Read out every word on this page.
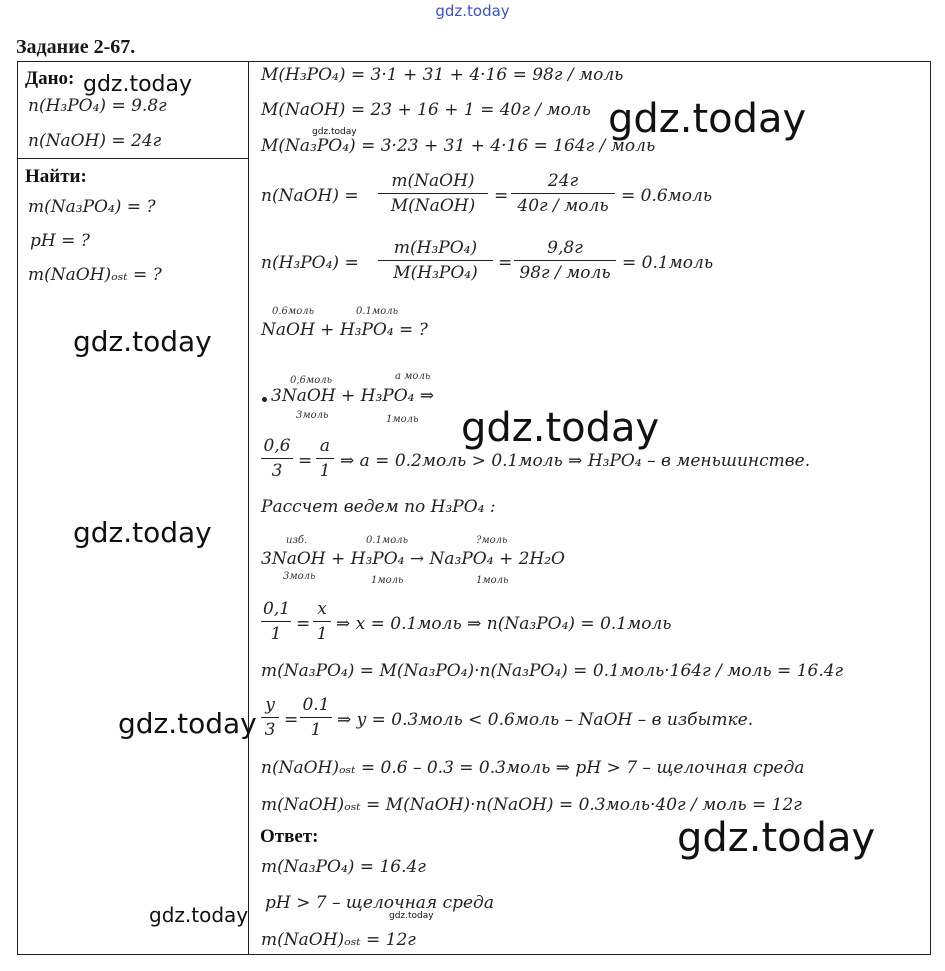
gdz.today
Задание 2-67.
Дано:
n(H₃PO₄) = 9.8г
n(NaOH) = 24г
Найти:
m(Na₃PO₄) = ?
pH = ?
m(NaOH)ₒₛₜ = ?
M(H₃PO₄) = 3·1 + 31 + 4·16 = 98г / моль
M(NaOH) = 23 + 16 + 1 = 40г / моль
M(Na₃PO₄) = 3·23 + 31 + 4·16 = 164г / моль
n(NaOH) =
m(NaOH)
M(NaOH)	=
24г
40г / моль = 0.6моль
n(H₃PO₄) =
m(H₃PO₄)
M(H₃PO₄)	=
9,8г
98г / моль = 0.1моль
0.6моль	0.1моль
NaOH + H₃PO₄ = ?
0,6моль	а моль
3NaOH + H₃PO₄ ⇒
3моль	1моль
0,6
3 =
а
1 ⇒ a = 0.2моль > 0.1моль ⇒ H₃PO₄ – в меньшинстве.
Рассчет ведем по H₃PO₄ :
изб.	0.1моль	?моль
3NaOH + H₃PO₄ → Na₃PO₄ + 2H₂O
3моль	1моль	1моль
0,1
1 =
x
1 ⇒ x = 0.1моль ⇒ n(Na₃PO₄) = 0.1моль
m(Na₃PO₄) = M(Na₃PO₄)·n(Na₃PO₄) = 0.1моль·164г / моль = 16.4г
y
3 =
0.1
1 ⇒ y = 0.3моль < 0.6моль – NaOH – в избытке.
n(NaOH)ₒₛₜ = 0.6 – 0.3 = 0.3моль ⇒ pH > 7 – щелочная среда
m(NaOH)ₒₛₜ = M(NaOH)·n(NaOH) = 0.3моль·40г / моль = 12г
Ответ:
m(Na₃PO₄) = 16.4г
pH > 7 – щелочная среда
m(NaOH)ₒₛₜ = 12г
gdz.today
gdz.today
gdz.today
gdz.today
gdz.today
gdz.today
gdz.today
gdz.today
gdz.today	gdz.today
